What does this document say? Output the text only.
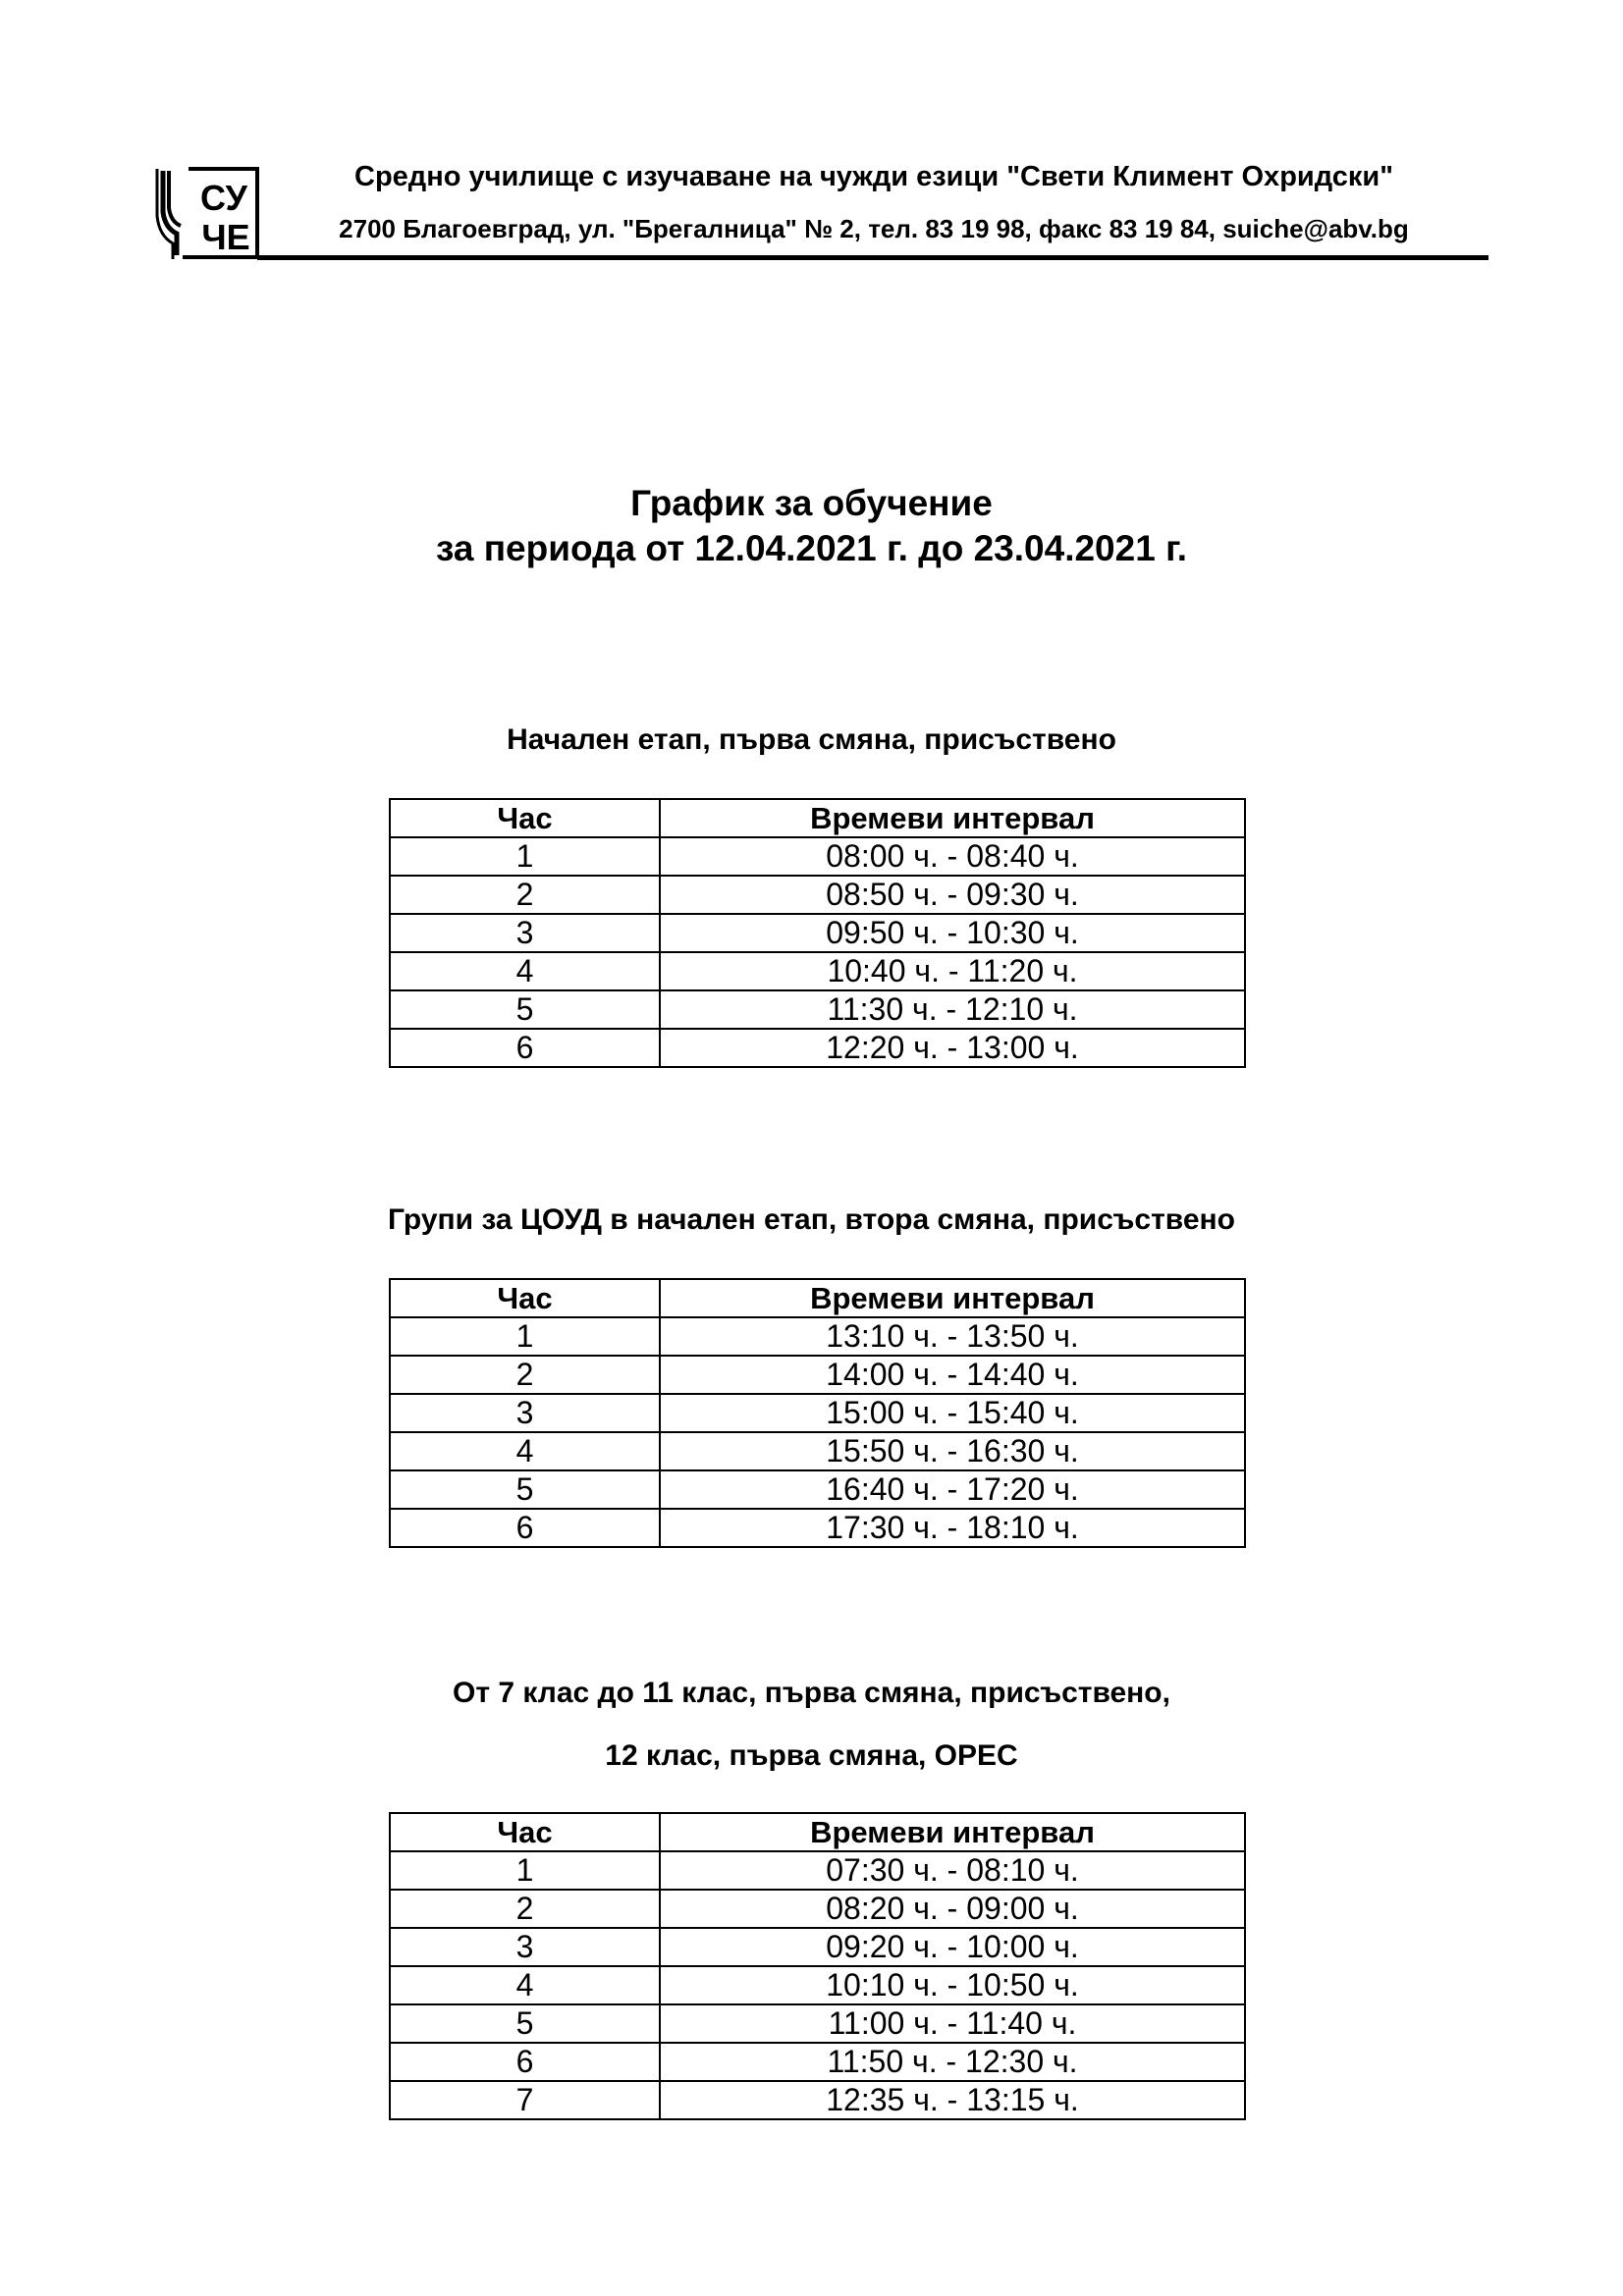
СУ
ЧЕ
Средно училище с изучаване на чужди езици "Свети Климент Охридски"
2700 Благоевград, ул. "Брегалница" № 2, тел. 83 19 98, факс 83 19 84, suiche@abv.bg
График за обучение
за периода от 12.04.2021 г. до 23.04.2021 г.
Начален етап, първа смяна, присъствено
Час	Времеви интервал
1	08:00 ч. - 08:40 ч.
2	08:50 ч. - 09:30 ч.
3	09:50 ч. - 10:30 ч.
4	10:40 ч. - 11:20 ч.
5	11:30 ч. - 12:10 ч.
6	12:20 ч. - 13:00 ч.
Групи за ЦОУД в начален етап, втора смяна, присъствено
Час	Времеви интервал
1	13:10 ч. - 13:50 ч.
2	14:00 ч. - 14:40 ч.
3	15:00 ч. - 15:40 ч.
4	15:50 ч. - 16:30 ч.
5	16:40 ч. - 17:20 ч.
6	17:30 ч. - 18:10 ч.
От 7 клас до 11 клас, първа смяна, присъствено,
12 клас, първа смяна, ОРЕС
Час	Времеви интервал
1	07:30 ч. - 08:10 ч.
2	08:20 ч. - 09:00 ч.
3	09:20 ч. - 10:00 ч.
4	10:10 ч. - 10:50 ч.
5	11:00 ч. - 11:40 ч.
6	11:50 ч. - 12:30 ч.
7	12:35 ч. - 13:15 ч.
